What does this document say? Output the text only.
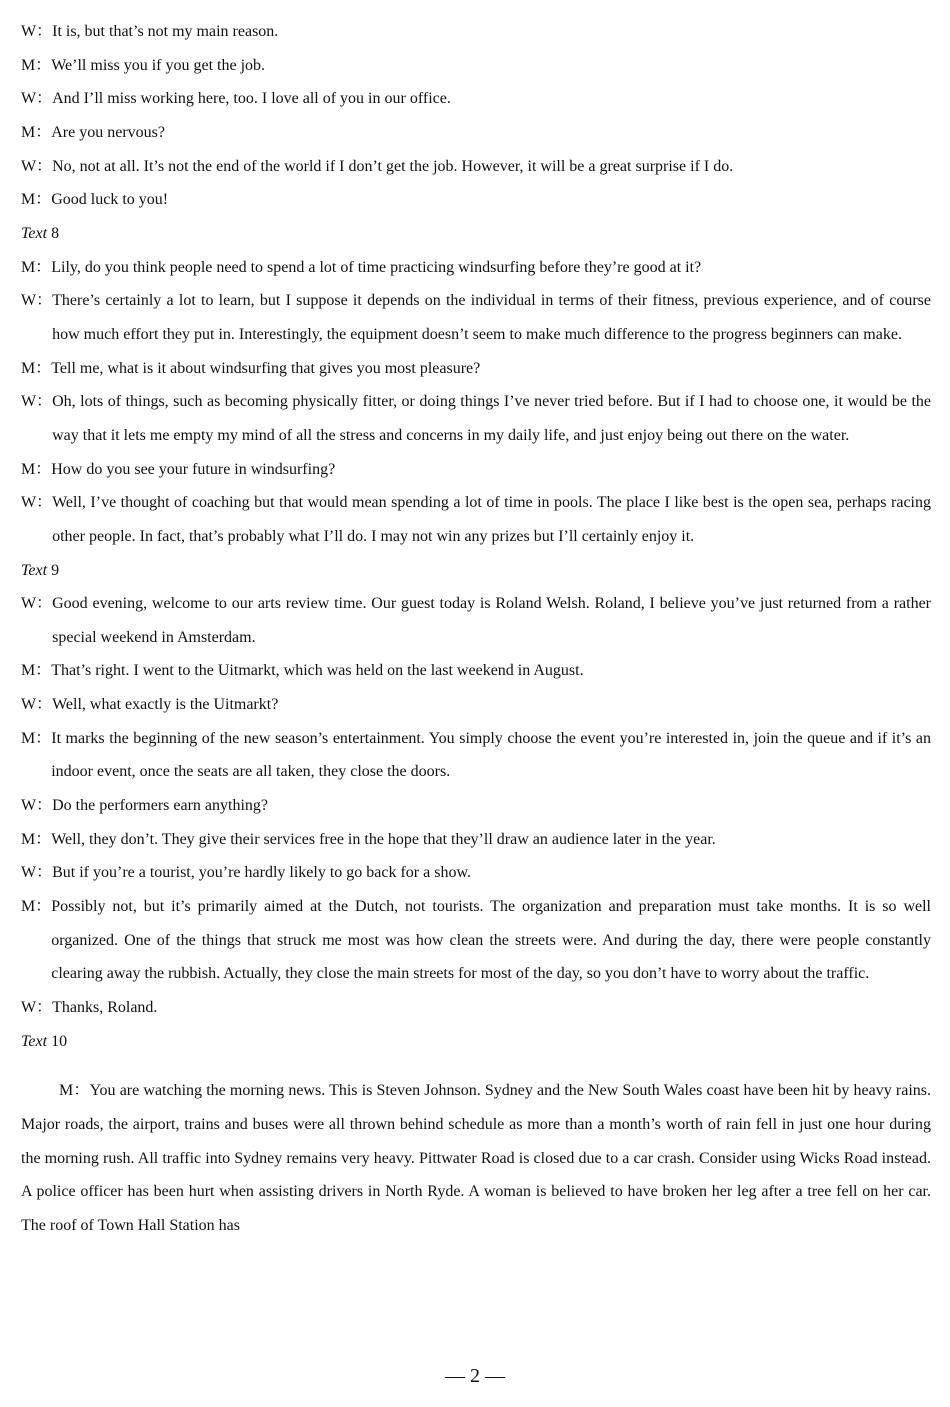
W： It is, but that’s not my main reason.
M： We’ll miss you if you get the job.
W： And I’ll miss working here, too. I love all of you in our office.
M： Are you nervous?
W： No, not at all. It’s not the end of the world if I don’t get the job. However, it will be a great surprise if I do.
M： Good luck to you!
Text 8
M： Lily, do you think people need to spend a lot of time practicing windsurfing before they’re good at it?
W： There’s certainly a lot to learn, but I suppose it depends on the individual in terms of their fitness, previous experience, and of course how much effort they put in. Interestingly, the equipment doesn’t seem to make much difference to the progress beginners can make.
M： Tell me, what is it about windsurfing that gives you most pleasure?
W： Oh, lots of things, such as becoming physically fitter, or doing things I’ve never tried before. But if I had to choose one, it would be the way that it lets me empty my mind of all the stress and concerns in my daily life, and just enjoy being out there on the water.
M： How do you see your future in windsurfing?
W： Well, I’ve thought of coaching but that would mean spending a lot of time in pools. The place I like best is the open sea, perhaps racing other people. In fact, that’s probably what I’ll do. I may not win any prizes but I’ll certainly enjoy it.
Text 9
W： Good evening, welcome to our arts review time. Our guest today is Roland Welsh. Roland, I believe you’ve just returned from a rather special weekend in Amsterdam.
M： That’s right. I went to the Uitmarkt, which was held on the last weekend in August.
W： Well, what exactly is the Uitmarkt?
M： It marks the beginning of the new season’s entertainment. You simply choose the event you’re interested in, join the queue and if it’s an indoor event, once the seats are all taken, they close the doors.
W： Do the performers earn anything?
M： Well, they don’t. They give their services free in the hope that they’ll draw an audience later in the year.
W： But if you’re a tourist, you’re hardly likely to go back for a show.
M： Possibly not, but it’s primarily aimed at the Dutch, not tourists. The organization and preparation must take months. It is so well organized. One of the things that struck me most was how clean the streets were. And during the day, there were people constantly clearing away the rubbish. Actually, they close the main streets for most of the day, so you don’t have to worry about the traffic.
W： Thanks, Roland.
Text 10

M：You are watching the morning news. This is Steven Johnson. Sydney and the New South Wales coast have been hit by heavy rains. Major roads, the airport, trains and buses were all thrown behind schedule as more than a month’s worth of rain fell in just one hour during the morning rush. All traffic into Sydney remains very heavy. Pittwater Road is closed due to a car crash. Consider using Wicks Road instead. A police officer has been hurt when assisting drivers in North Ryde. A woman is believed to have broken her leg after a tree fell on her car. The roof of Town Hall Station has

— 2 —
